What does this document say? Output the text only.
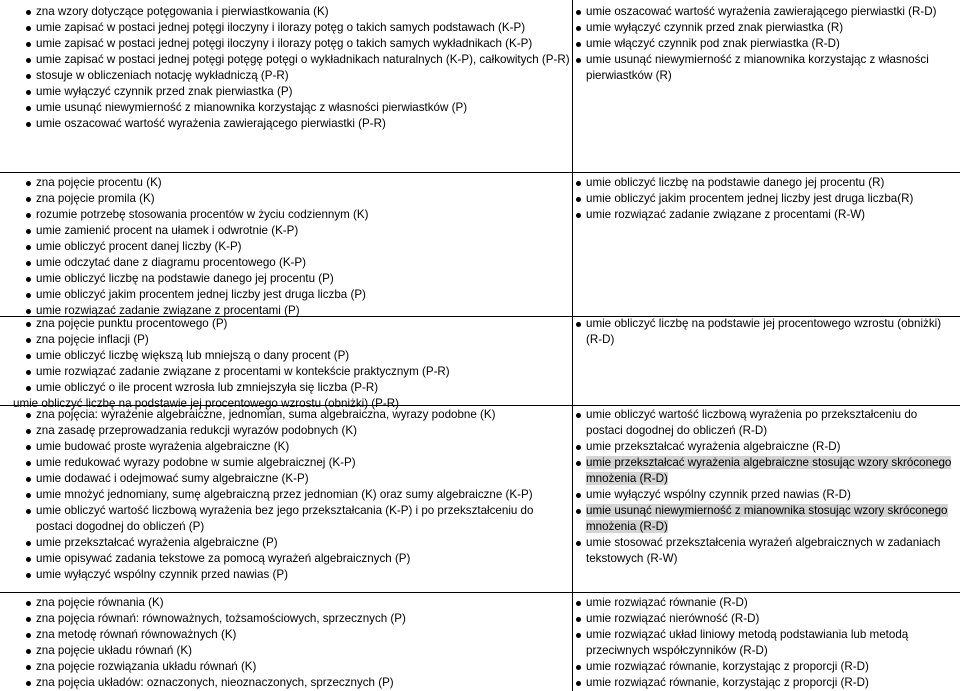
zna wzory dotyczące potęgowania i pierwiastkowania (K)

umie zapisać w postaci jednej potęgi iloczyny i ilorazy potęg o takich samych podstawach (K-P)

umie zapisać w postaci jednej potęgi iloczyny i ilorazy potęg o takich samych wykładnikach (K-P)

umie zapisać w postaci jednej potęgi potęgę potęgi o wykładnikach naturalnych (K-P), całkowitych (P-R)

stosuje w obliczeniach notację wykładniczą (P-R)

umie wyłączyć czynnik przed znak pierwiastka (P)

umie usunąć niewymierność z mianownika korzystając z własności pierwiastków (P)

umie oszacować wartość wyrażenia zawierającego pierwiastki (P-R)

umie oszacować wartość wyrażenia zawierającego pierwiastki (R-D)

umie wyłączyć czynnik przed znak pierwiastka (R)

umie włączyć czynnik pod znak pierwiastka (R-D)

umie usunąć niewymierność z mianownika korzystając z własności pierwiastków (R)

zna pojęcie procentu (K)

zna pojęcie promila (K)

rozumie potrzebę stosowania procentów w życiu codziennym (K)

umie zamienić procent na ułamek i odwrotnie (K-P)

umie obliczyć procent danej liczby (K-P)

umie odczytać dane z diagramu procentowego (K-P)

umie obliczyć liczbę na podstawie danego jej procentu (P)

umie obliczyć jakim procentem jednej liczby jest druga liczba (P)

umie rozwiązać zadanie związane z procentami (P)

umie obliczyć liczbę na podstawie danego jej procentu (R)

umie obliczyć jakim procentem jednej liczby jest druga liczba(R)

umie rozwiązać zadanie związane z procentami (R-W)

zna pojęcie punktu procentowego (P)

zna pojęcie inflacji (P)

umie obliczyć liczbę większą lub mniejszą o dany procent (P)

umie rozwiązać zadanie związane z procentami w kontekście praktycznym (P-R)

umie obliczyć o ile procent wzrosła lub zmniejszyła się liczba (P-R)

umie obliczyć liczbę na podstawie jej procentowego wzrostu (obniżki) (P-R)

umie obliczyć liczbę na podstawie jej procentowego wzrostu (obniżki) (R-D)

zna pojęcia: wyrażenie algebraiczne, jednomian, suma algebraiczna, wyrazy podobne (K)

zna zasadę przeprowadzania redukcji wyrazów podobnych (K)

umie budować proste wyrażenia algebraiczne (K)

umie redukować wyrazy podobne w sumie algebraicznej (K-P)

umie dodawać i odejmować sumy algebraiczne (K-P)

umie mnożyć jednomiany, sumę algebraiczną przez jednomian (K) oraz sumy algebraiczne (K-P)

umie obliczyć wartość liczbową wyrażenia bez jego przekształcania (K-P) i po przekształceniu do postaci dogodnej do obliczeń (P)

umie przekształcać wyrażenia algebraiczne (P)

umie opisywać zadania tekstowe za pomocą wyrażeń algebraicznych (P)

umie wyłączyć wspólny czynnik przed nawias (P)

umie obliczyć wartość liczbową wyrażenia po przekształceniu do postaci dogodnej do obliczeń (R-D)

umie przekształcać wyrażenia algebraiczne (R-D)

umie przekształcać wyrażenia algebraiczne stosując wzory skróconego mnożenia (R-D)

umie wyłączyć wspólny czynnik przed nawias (R-D)

umie usunąć niewymierność z mianownika stosując wzory skróconego mnożenia (R-D)

umie stosować przekształcenia wyrażeń algebraicznych w zadaniach tekstowych (R-W)

zna pojęcie równania (K)

zna pojęcia równań: równoważnych, tożsamościowych, sprzecznych (P)

zna metodę równań równoważnych (K)

zna pojęcie układu równań (K)

zna pojęcie rozwiązania układu równań (K)

zna pojęcia układów: oznaczonych, nieoznaczonych, sprzecznych (P)

umie rozwiązać równanie (R-D)

umie rozwiązać nierówność (R-D)

umie rozwiązać układ liniowy metodą podstawiania lub metodą przeciwnych współczynników (R-D)

umie rozwiązać równanie, korzystając z proporcji (R-D)

umie rozwiązać równanie, korzystając z proporcji (R-D)
